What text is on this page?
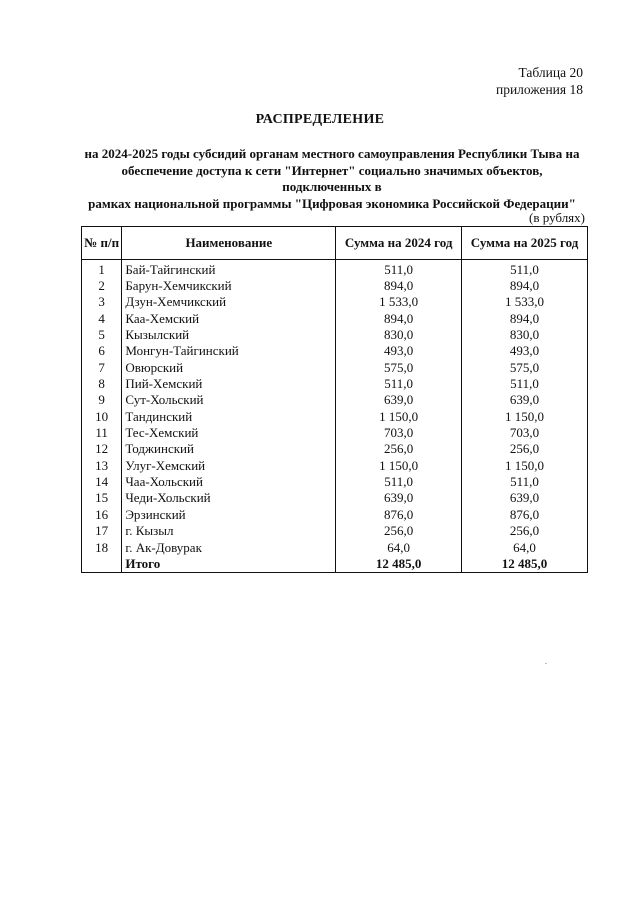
Таблица 20
приложения 18
РАСПРЕДЕЛЕНИЕ
на 2024-2025 годы субсидий органам местного самоуправления Республики Тыва на
обеспечение доступа к сети "Интернет" социально значимых объектов, подключенных в
рамках национальной программы "Цифровая экономика Российской Федерации"
(в рублях)
№ п/п	Наименование	Сумма на 2024 год	Сумма на 2025 год
1	Бай-Тайгинский	511,0	511,0
2	Барун-Хемчикский	894,0	894,0
3	Дзун-Хемчикский	1 533,0	1 533,0
4	Каа-Хемский	894,0	894,0
5	Кызылский	830,0	830,0
6	Монгун-Тайгинский	493,0	493,0
7	Овюрский	575,0	575,0
8	Пий-Хемский	511,0	511,0
9	Сут-Хольский	639,0	639,0
10	Тандинский	1 150,0	1 150,0
11	Тес-Хемский	703,0	703,0
12	Тоджинский	256,0	256,0
13	Улуг-Хемский	1 150,0	1 150,0
14	Чаа-Хольский	511,0	511,0
15	Чеди-Хольский	639,0	639,0
16	Эрзинский	876,0	876,0
17	г. Кызыл	256,0	256,0
18	г. Ак-Довурак	64,0	64,0
	Итого	12 485,0	12 485,0
